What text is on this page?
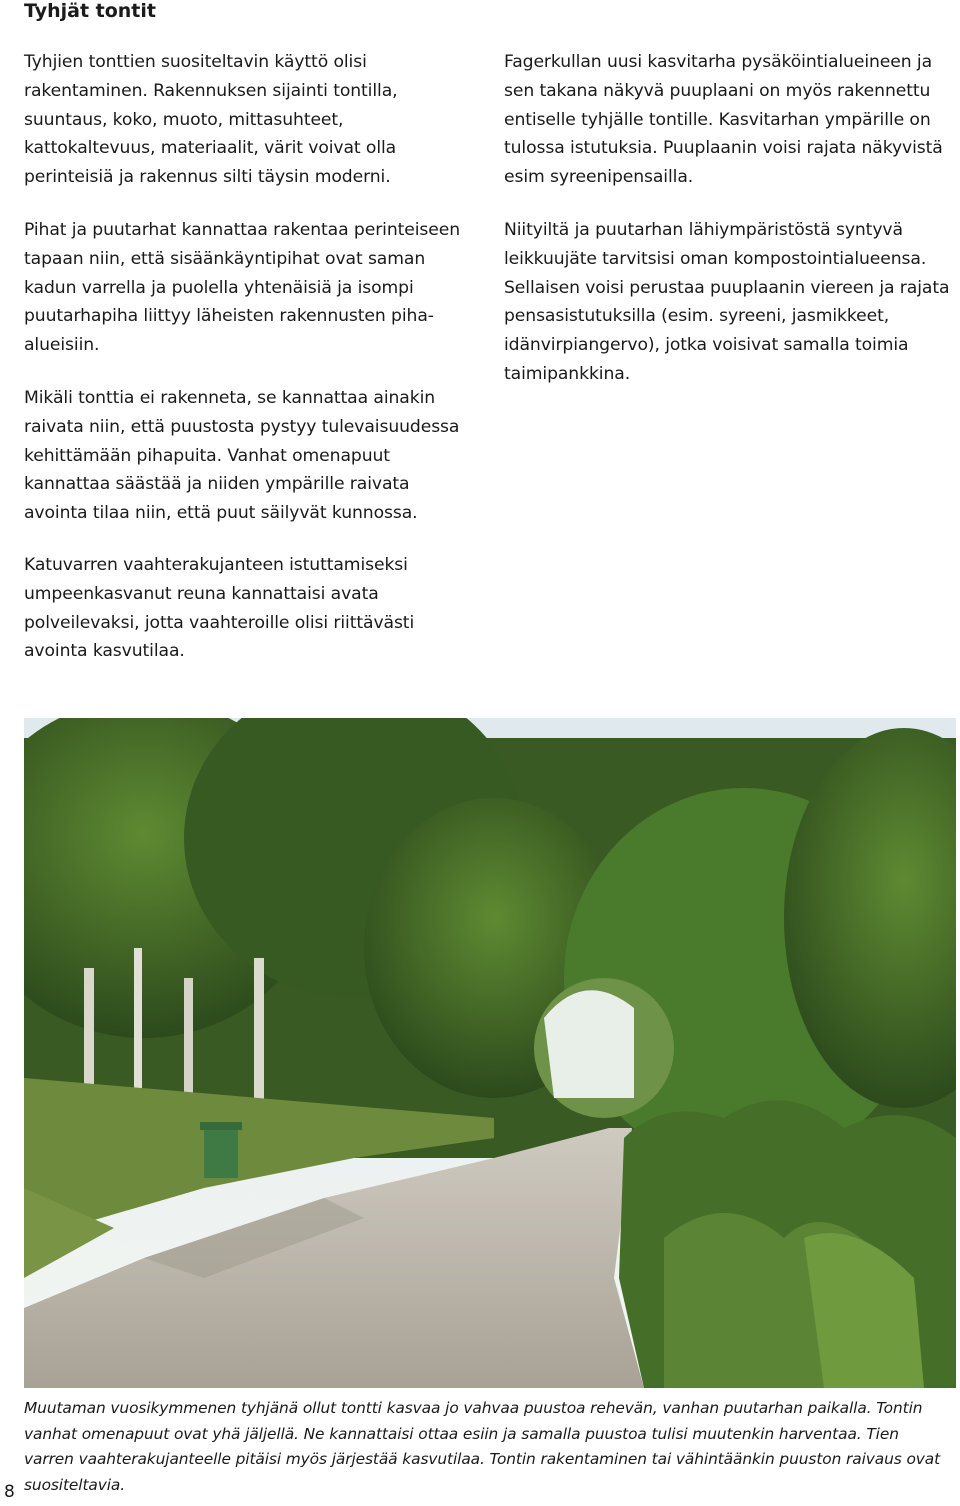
Tyhjät tontit

Tyhjien tonttien suositeltavin käyttö olisi rakentaminen. Rakennuksen sijainti tontilla, suuntaus, koko, muoto, mittasuhteet, kattokaltevuus, materiaalit, värit voivat olla perinteisiä ja rakennus silti täysin moderni.

Pihat ja puutarhat kannattaa rakentaa perinteiseen tapaan niin, että sisäänkäyntipihat ovat saman kadun varrella ja puolella yhtenäisiä ja isompi puutarhapiha liittyy läheisten rakennusten piha-alueisiin.

Mikäli tonttia ei rakenneta, se kannattaa ainakin raivata niin, että puustosta pystyy tulevaisuudessa kehittämään pihapuita. Vanhat omenapuut kannattaa säästää ja niiden ympärille raivata avointa tilaa niin, että puut säilyvät kunnossa.

Katuvarren vaahterakujanteen istuttamiseksi umpeenkasvanut reuna kannattaisi avata polveilevaksi, jotta vaahteroille olisi riittävästi avointa kasvutilaa.

Fagerkullan uusi kasvitarha pysäköintialueineen ja sen takana näkyvä puuplaani on myös rakennettu entiselle tyhjälle tontille. Kasvitarhan ympärille on tulossa istutuksia. Puuplaanin voisi rajata näkyvistä esim syreenipensailla.

Niityiltä ja puutarhan lähiympäristöstä syntyvä leikkuujäte tarvitsisi oman kompostointialueensa. Sellaisen voisi perustaa puuplaanin viereen ja rajata pensasistutuksilla (esim. syreeni, jasmikkeet, idänvirpiangervo), jotka voisivat samalla toimia taimipankkina.

Muutaman vuosikymmenen tyhjänä ollut tontti kasvaa jo vahvaa puustoa rehevän, vanhan puutarhan paikalla. Tontin vanhat omenapuut ovat yhä jäljellä. Ne kannattaisi ottaa esiin ja samalla puustoa tulisi muutenkin harventaa. Tien varren vaahterakujanteelle pitäisi myös järjestää kasvutilaa. Tontin rakentaminen tai vähintäänkin puuston raivaus ovat suositeltavia.

8
